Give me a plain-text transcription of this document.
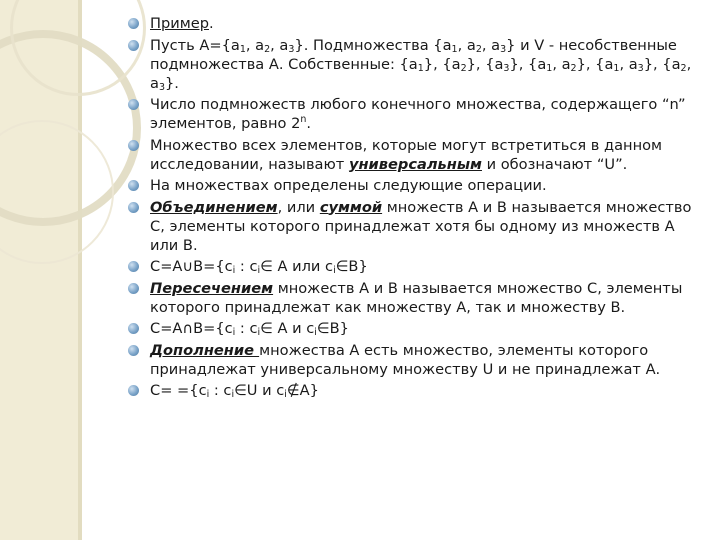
Пример.
Пусть $А=\{a_1$, $a_2$, $a_3$}. Подмножества {$a_1$, $a_2$, $a_3$} и V - несобственные подмножества А. Собственные: $\{a_1\}$, $\{a_2\}$, $\{a_3\}$, {$a_1$, $a_2$}, {$a_1$, $a_3$}, {$a_2$, $a_3$}.
Число подмножеств любого конечного множества, содержащего “n” элементов, равно 2$^n$.
Множество всех элементов, которые могут встретиться в данном исследовании, называют универсальным и обозначают “U”.
На множествах определены следующие операции.
Объединением, или суммой множеств А и В называется множество С, элементы которого принадлежат хотя бы одному из множеств А или В.
$С=А\cup В=\{c_i$ : $c_i\in$ А или $c_i\in В$}
Пересечением множеств А и В называется множество С, элементы которого принадлежат как множеству А, так и множеству В.
$С=А\cap В=\{c_i$ : $c_i\in$ А и $c_i\in В$}
Дополнение множества А есть множество, элементы которого принадлежат универсальному множеству U и не принадлежат А.
$С= =\{c_i$ : $c_i\in U$ и $c_i\notin А$}
